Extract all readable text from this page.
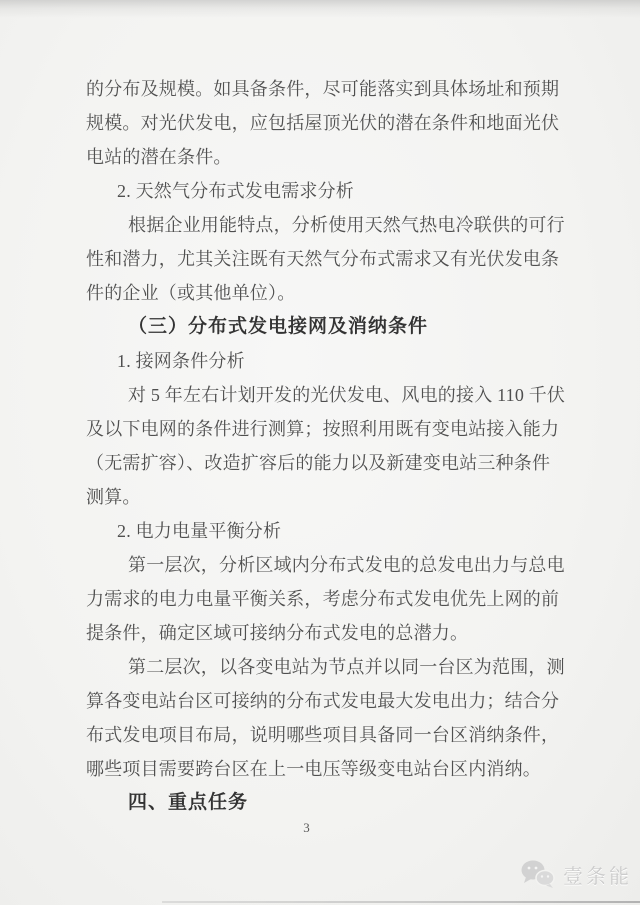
的分布及规模。如具备条件，尽可能落实到具体场址和预期
规模。对光伏发电，应包括屋顶光伏的潜在条件和地面光伏
电站的潜在条件。
2. 天然气分布式发电需求分析
根据企业用能特点，分析使用天然气热电冷联供的可行
性和潜力，尤其关注既有天然气分布式需求又有光伏发电条
件的企业（或其他单位）。
（三）分布式发电接网及消纳条件
1. 接网条件分析
对 5 年左右计划开发的光伏发电、风电的接入 110 千伏
及以下电网的条件进行测算；按照利用既有变电站接入能力
（无需扩容）、改造扩容后的能力以及新建变电站三种条件
测算。
2. 电力电量平衡分析
第一层次，分析区域内分布式发电的总发电出力与总电
力需求的电力电量平衡关系，考虑分布式发电优先上网的前
提条件，确定区域可接纳分布式发电的总潜力。
第二层次，以各变电站为节点并以同一台区为范围，测
算各变电站台区可接纳的分布式发电最大发电出力；结合分
布式发电项目布局，说明哪些项目具备同一台区消纳条件，
哪些项目需要跨台区在上一电压等级变电站台区内消纳。
四、重点任务
3
壹条能
